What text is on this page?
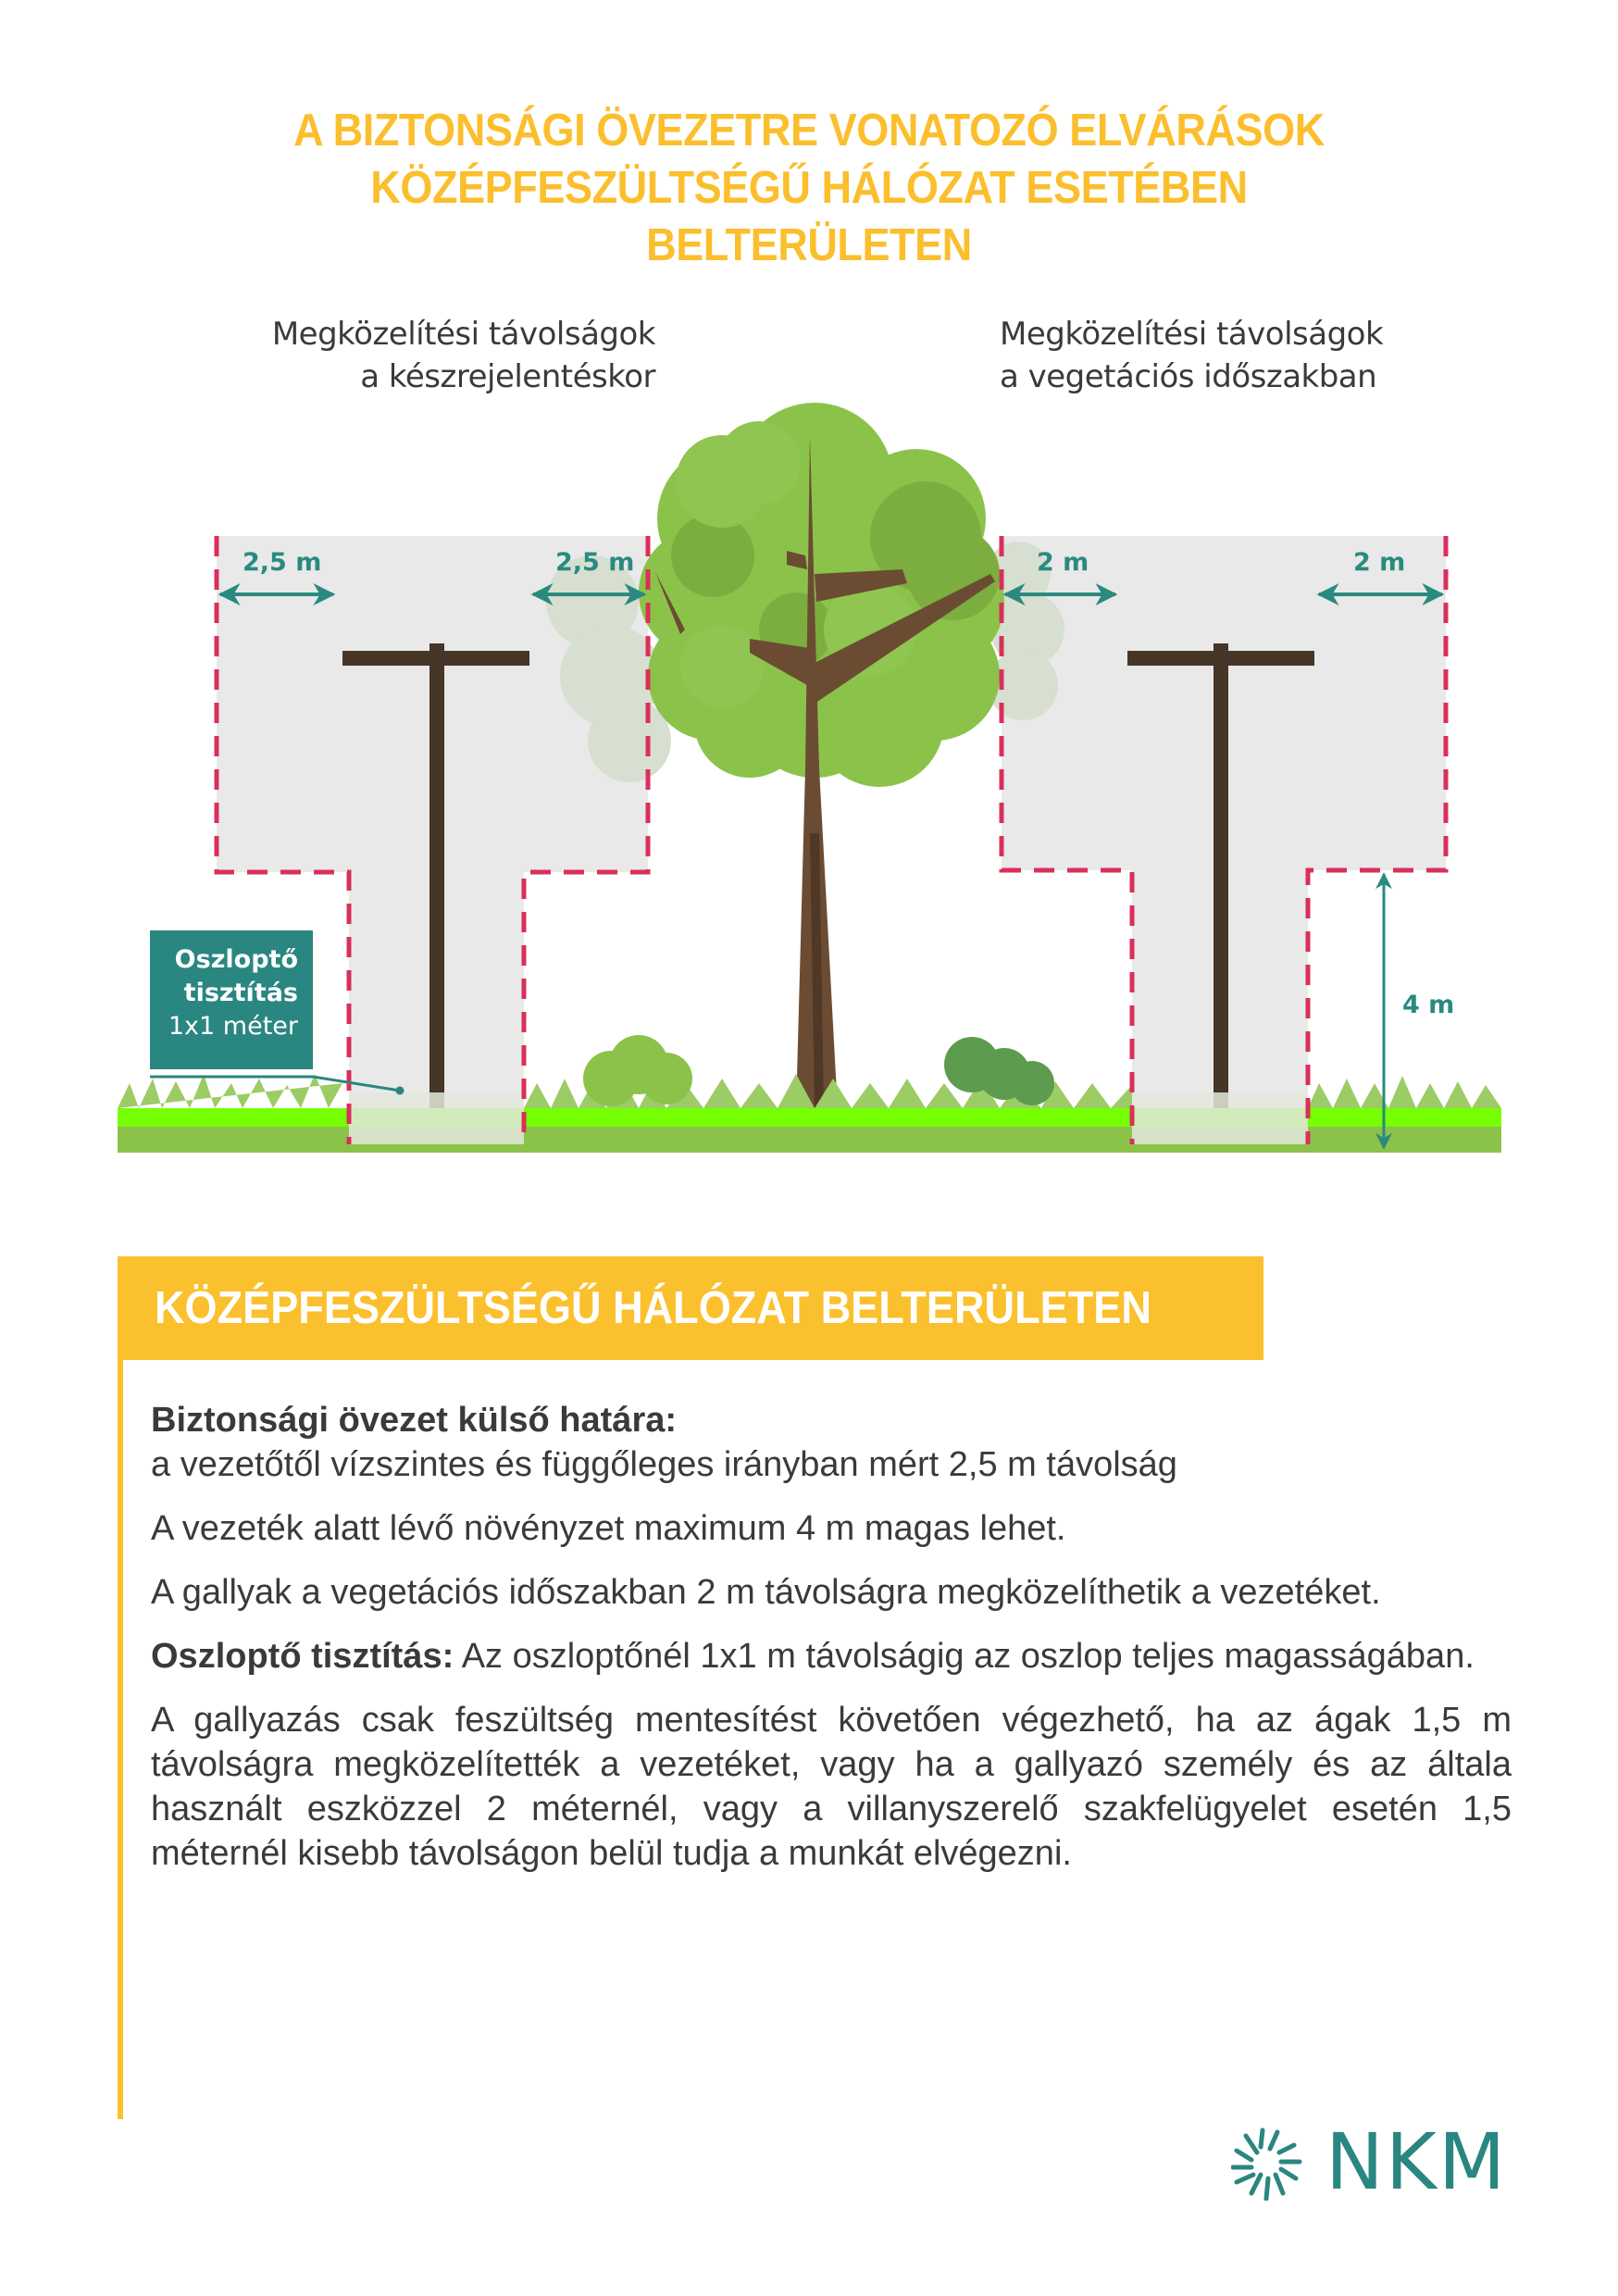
A BIZTONSÁGI ÖVEZETRE VONATOZÓ ELVÁRÁSOK
KÖZÉPFESZÜLTSÉGŰ HÁLÓZAT ESETÉBEN
BELTERÜLETEN
Megközelítési távolságok
a készrejelentéskor
Megközelítési távolságok
a vegetációs időszakban
2,5 m	2,5 m	2 m	2 m
4 m
Oszloptő
tisztítás
1x1 méter
KÖZÉPFESZÜLTSÉGŰ HÁLÓZAT BELTERÜLETEN

Biztonsági övezet külső határa:
a vezetőtől vízszintes és függőleges irányban mért 2,5 m távolság

A vezeték alatt lévő növényzet maximum 4 m magas lehet.

A gallyak a vegetációs időszakban 2 m távolságra megközelíthetik a vezetéket.

Oszloptő tisztítás: Az oszloptőnél 1x1 m távolságig az oszlop teljes magasságában.

A gallyazás csak feszültség mentesítést követően végezhető, ha az ágak 1,5 m távolságra megközelítették a vezetéket, vagy ha a gallyazó személy és az általa használt eszközzel 2 méternél, vagy a villanyszerelő szakfelügyelet esetén 1,5 méternél kisebb távolságon belül tudja a munkát elvégezni.

NKM
